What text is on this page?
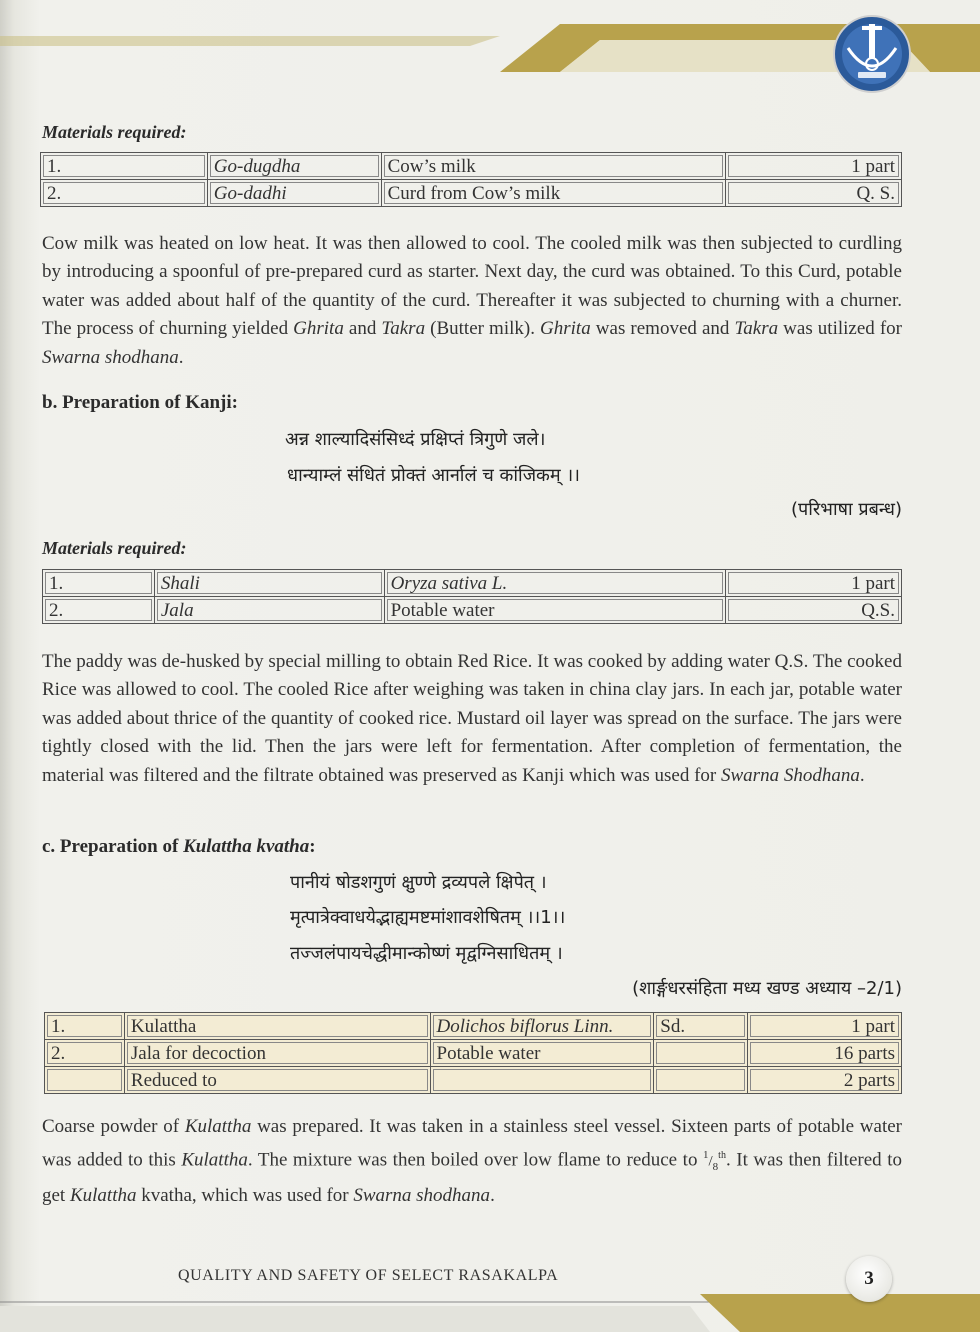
Materials required:
1.	Go-dugdha	Cow’s milk	1 part
2.	Go-dadhi	Curd from Cow’s milk	Q. S.
Cow milk was heated on low heat. It was then allowed to cool. The cooled milk was then subjected to curdling by introducing a spoonful of pre-prepared curd as starter. Next day, the curd was obtained. To this Curd, potable water was added about half of the quantity of the curd. Thereafter it was subjected to churning with a churner. The process of churning yielded Ghrita and Takra (Butter milk). Ghrita was removed and Takra was utilized for Swarna shodhana.
b. Preparation of Kanji:
अन्न शाल्यादिसंसिध्दं प्रक्षिप्तं त्रिगुणे जले।
धान्याम्लं संधितं प्रोक्तं आर्नालं च कांजिकम् ।।
(परिभाषा प्रबन्ध)
Materials required:
1.	Shali	Oryza sativa L.	1 part
2.	Jala	Potable water	Q.S.
The paddy was de-husked by special milling to obtain Red Rice. It was cooked by adding water Q.S. The cooked Rice was allowed to cool. The cooled Rice after weighing was taken in china clay jars. In each jar, potable water was added about thrice of the quantity of cooked rice. Mustard oil layer was spread on the surface. The jars were tightly closed with the lid. Then the jars were left for fermentation. After completion of fermentation, the material was filtered and the filtrate obtained was preserved as Kanji which was used for Swarna Shodhana.
c. Preparation of Kulattha kvatha:
पानीयं षोडशगुणं क्षुण्णे द्रव्यपले क्षिपेत् ।
मृत्पात्रेक्वाधयेद्भाह्यमष्टमांशावशेषितम् ।।1।।
तज्जलंपायचेद्धीमान्कोष्णं मृद्वग्निसाधितम् ।
(शार्ङ्गधरसंहिता मध्य खण्ड अध्याय –2/1)
1.	Kulattha	Dolichos biflorus Linn.	Sd.	1 part
2.	Jala for decoction	Potable water		16 parts
	Reduced to			2 parts
Coarse powder of Kulattha was prepared. It was taken in a stainless steel vessel. Sixteen parts of potable water was added to this Kulattha. The mixture was then boiled over low flame to reduce to $^1/_8^{th}$. It was then filtered to get Kulattha kvatha, which was used for Swarna shodhana.
QUALITY AND SAFETY OF SELECT RASAKALPA	3
